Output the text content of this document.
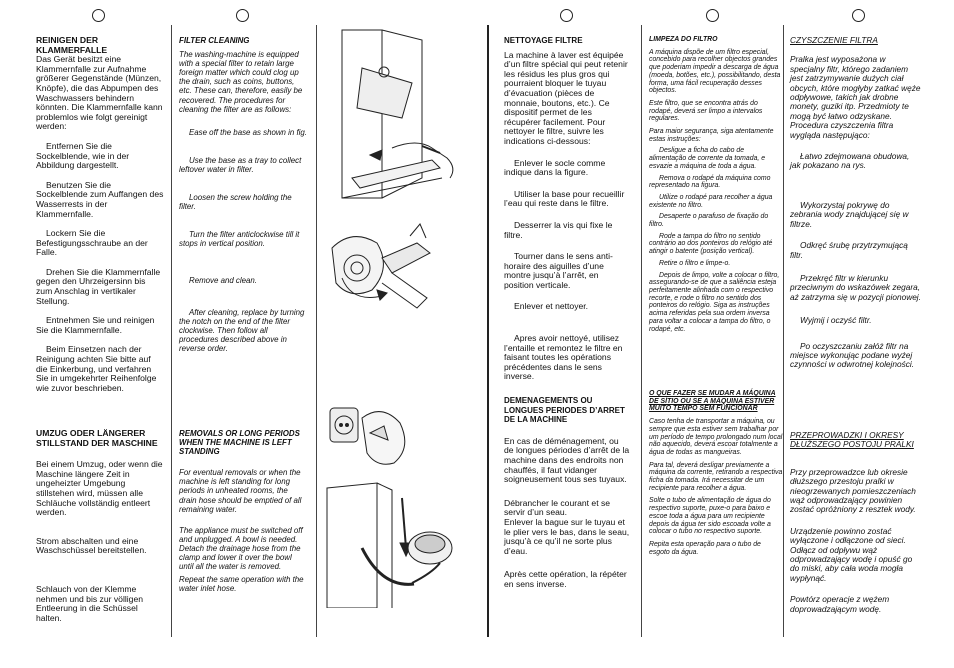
REINIGEN DER
KLAMMERFALLE

Das Gerät besitzt eine Klammernfalle zur Aufnahme größerer Gegenstände (Münzen, Knöpfe), die das Abpumpen des Waschwassers behindern könnten. Die Klammernfalle kann problemlos wie folgt gereinigt werden:

Entfernen Sie die Sockelblende, wie in der Abbildung dargestellt.

Benutzen Sie die Sockelblende zum Auffangen des Wasserrests in der Klammernfalle.

Lockern Sie die Befestigungsschraube an der Falle.

Drehen Sie die Klammernfalle gegen den Uhrzeigersinn bis zum Anschlag in vertikaler Stellung.

Entnehmen Sie und reinigen Sie die Klammernfalle.

Beim Einsetzen nach der Reinigung achten Sie bitte auf die Einkerbung, und verfahren Sie in umgekehrter Reihenfolge wie zuvor beschrieben.

UMZUG ODER LÄNGERER STILLSTAND DER MASCHINE

Bei einem Umzug, oder wenn die Maschine längere Zeit in ungeheizter Umgebung stillstehen wird, müssen alle Schläuche vollständig entleert werden.

Strom abschalten und eine Waschschüssel bereitstellen.

Schlauch von der Klemme nehmen und bis zur völligen Entleerung in die Schüssel halten.

FILTER CLEANING

The washing-machine is equipped with a special filter to retain large foreign matter which could clog up the drain, such as coins, buttons, etc. These can, therefore, easily be recovered. The procedures for cleaning the filter are as follows:

Ease off the base as shown in fig.

Use the base as a tray to collect leftover water in filter.

Loosen the screw holding the filter.

Turn the filter anticlockwise till it stops in vertical position.

Remove and clean.

After cleaning, replace by turning the notch on the end of the filter clockwise. Then follow all procedures described above in reverse order.

REMOVALS OR LONG PERIODS WHEN THE MACHINE IS LEFT STANDING

For eventual removals or when the machine is left standing for long periods in unheated rooms, the drain hose should be emptied of all remaining water.

The appliance must be switched off and unplugged. A bowl is needed. Detach the drainage hose from the clamp and lower it over the bowl until all the water is removed.

Repeat the same operation with the water inlet hose.

NETTOYAGE FILTRE

La machine à laver est équipée d’un filtre spécial qui peut retenir les résidus les plus gros qui pourraient bloquer le tuyau d’évacuation (pièces de monnaie, boutons, etc.). Ce dispositif permet de les récupérer facilement. Pour nettoyer le filtre, suivre les indications ci-dessous:

Enlever le socle comme indique dans la figure.

Utiliser la base pour recueillir l’eau qui reste dans le filtre.

Desserrer la vis qui fixe le filtre.

Tourner dans le sens anti-horaire des aiguilles d’une montre jusqu’à l’arrêt, en position verticale.

Enlever et nettoyer.

Apres avoir nettoyé, utilisez l’entaille et remontez le filtre en faisant toutes les opérations précédentes dans le sens inverse.

DEMENAGEMENTS OU LONGUES PERIODES D’ARRET DE LA MACHINE

En cas de déménagement, ou de longues périodes d’arrêt de la machine dans des endroits non chauffés, il faut vidanger soigneusement tous ses tuyaux.

Débrancher le courant et se servir d’un seau.
Enlever la bague sur le tuyau et le plier vers le bas, dans le seau, jusqu’à ce qu’il ne sorte plus d’eau.

Après cette opération, la répéter en sens inverse.

LIMPEZA DO FILTRO

A máquina dispõe de um filtro especial, concebido para recolher objectos grandes que poderiam impedir a descarga de água (moeda, botões, etc.), possibilitando, desta forma, uma fácil recuperação desses objectos.

Este filtro, que se encontra atrás do rodapé, deverá ser limpo a intervalos regulares.

Para maior segurança, siga atentamente estas instruções:

Desligue a ficha do cabo de alimentação de corrente da tomada, e esvazie a máquina de toda a água.

Remova o rodapé da máquina como representado na figura.

Utilize o rodapé para recolher a água existente no filtro.

Desaperte o parafuso de fixação do filtro.

Rode a tampa do filtro no sentido contrário ao dos ponteiros do relógio até atingir o batente (posição vertical).

Retire o filtro e limpe-o.

Depois de limpo, volte a colocar o filtro, assegurando-se de que a saliência esteja perfeitamente alinhada com o respectivo recorte, e rode o filtro no sentido dos ponteiros do relógio. Siga as instruções acima referidas pela sua ordem inversa para voltar a colocar a tampa do filtro, o rodapé, etc.

O QUE FAZER SE MUDAR A MÁQUINA DE SÍTIO OU SE A MÁQUINA ESTIVER MUITO TEMPO SEM FUNCIONAR

Caso tenha de transportar a máquina, ou sempre que esta estiver sem trabalhar por um período de tempo prolongado num local não aquecido, deverá escoar totalmente a água de todas as mangueiras.

Para tal, deverá desligar previamente a máquina da corrente, retirando a respectiva ficha da tomada. Irá necessitar de um recipiente para recolher a água.

Solte o tubo de alimentação de água do respectivo suporte, puxe-o para baixo e escoe toda a água para um recipiente depois da água ter sido escoada volte a colocar o tubo no respectivo suporte.

Repita esta operação para o tubo de esgoto da água.

CZYSZCZENIE FILTRA

Pralka jest wyposażona w specjalny filtr, którego zadaniem jest zatrzymywanie dużych ciał obcych, które mogłyby zatkać węże odpływowe, takich jak drobne monety, guziki itp. Przedmioty te mogą być łatwo odzyskane. Procedura czyszczenia filtra wygląda następująco:

Łatwo zdejmowana obudowa, jak pokazano na rys.

Wykorzystaj pokrywę do zebrania wody znajdującej się w filtrze.

Odkręć śrubę przytrzymującą filtr.

Przekręć filtr w kierunku przeciwnym do wskazówek zegara, aż zatrzyma się w pozycji pionowej.

Wyjmij i oczyść filtr.

Po oczyszczaniu załóż filtr na miejsce wykonując podane wyżej czynności w odwrotnej kolejności.

PRZEPROWADZKI I OKRESY DŁUŻSZEGO POSTOJU PRALKI

Przy przeprowadzce lub okresie dłuższego przestoju pralki w nieogrzewanych pomieszczeniach wąż odprowadzający powinien zostać opróżniony z resztek wody.

Urządzenie powinno zostać wyłączone i odłączone od sieci.
Odłącz od odpływu wąż odprowadzający wodę i opuść go do miski, aby cała woda mogła wypłynąć.

Powtórz operacje z wężem doprowadzającym wodę.
